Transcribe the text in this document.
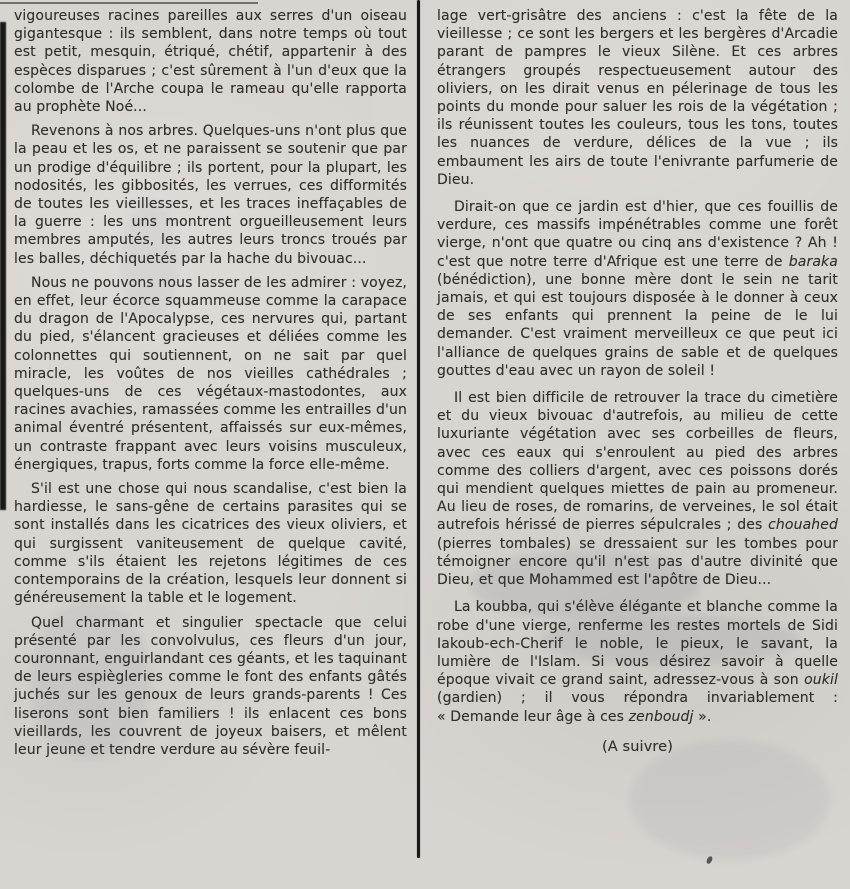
vigoureuses racines pareilles aux serres d'un oiseau gigantesque : ils semblent, dans notre temps où tout est petit, mesquin, étriqué, chétif, appartenir à des espèces disparues ; c'est sûrement à l'un d'eux que la colombe de l'Arche coupa le rameau qu'elle rapporta au prophète Noé...

Revenons à nos arbres. Quelques-uns n'ont plus que la peau et les os, et ne paraissent se soutenir que par un prodige d'équilibre ; ils portent, pour la plupart, les nodosités, les gibbosités, les verrues, ces difformités de toutes les vieillesses, et les traces ineffaçables de la guerre : les uns montrent orgueilleusement leurs membres amputés, les autres leurs troncs troués par les balles, déchiquetés par la hache du bivouac...

Nous ne pouvons nous lasser de les admirer : voyez, en effet, leur écorce squammeuse comme la carapace du dragon de l'Apocalypse, ces nervures qui, partant du pied, s'élancent gracieuses et déliées comme les colonnettes qui soutiennent, on ne sait par quel miracle, les voûtes de nos vieilles cathédrales ; quelques-uns de ces végétaux-mastodontes, aux racines avachies, ramassées comme les entrailles d'un animal éventré présentent, affaissés sur eux-mêmes, un contraste frappant avec leurs voisins musculeux, énergiques, trapus, forts comme la force elle-même.

S'il est une chose qui nous scandalise, c'est bien la hardiesse, le sans-gêne de certains parasites qui se sont installés dans les cicatrices des vieux oliviers, et qui surgissent vaniteusement de quelque cavité, comme s'ils étaient les rejetons légitimes de ces contemporains de la création, lesquels leur donnent si généreusement la table et le logement.

Quel charmant et singulier spectacle que celui présenté par les convolvulus, ces fleurs d'un jour, couronnant, enguirlandant ces géants, et les taquinant de leurs espiègleries comme le font des enfants gâtés juchés sur les genoux de leurs grands-parents ! Ces liserons sont bien familiers ! ils enlacent ces bons vieillards, les couvrent de joyeux baisers, et mêlent leur jeune et tendre verdure au sévère feuil-

lage vert-grisâtre des anciens : c'est la fête de la vieillesse ; ce sont les bergers et les bergères d'Arcadie parant de pampres le vieux Silène. Et ces arbres étrangers groupés respectueusement autour des oliviers, on les dirait venus en pélerinage de tous les points du monde pour saluer les rois de la végétation ; ils réunissent toutes les couleurs, tous les tons, toutes les nuances de verdure, délices de la vue ; ils embaument les airs de toute l'enivrante parfumerie de Dieu.

Dirait-on que ce jardin est d'hier, que ces fouillis de verdure, ces massifs impénétrables comme une forêt vierge, n'ont que quatre ou cinq ans d'existence ? Ah ! c'est que notre terre d'Afrique est une terre de baraka (bénédiction), une bonne mère dont le sein ne tarit jamais, et qui est toujours disposée à le donner à ceux de ses enfants qui prennent la peine de le lui demander. C'est vraiment merveilleux ce que peut ici l'alliance de quelques grains de sable et de quelques gouttes d'eau avec un rayon de soleil !

Il est bien difficile de retrouver la trace du cimetière et du vieux bivouac d'autrefois, au milieu de cette luxuriante végétation avec ses corbeilles de fleurs, avec ces eaux qui s'enroulent au pied des arbres comme des colliers d'argent, avec ces poissons dorés qui mendient quelques miettes de pain au promeneur. Au lieu de roses, de romarins, de verveines, le sol était autrefois hérissé de pierres sépulcrales ; des chouahed (pierres tombales) se dressaient sur les tombes pour témoigner encore qu'il n'est pas d'autre divinité que Dieu, et que Mohammed est l'apôtre de Dieu...

La koubba, qui s'élève élégante et blanche comme la robe d'une vierge, renferme les restes mortels de Sidi Iakoub-ech-Cherif le noble, le pieux, le savant, la lumière de l'Islam. Si vous désirez savoir à quelle époque vivait ce grand saint, adressez-vous à son oukil (gardien) ; il vous répondra invariablement : « Demande leur âge à ces zenboudj ».

(A suivre)
